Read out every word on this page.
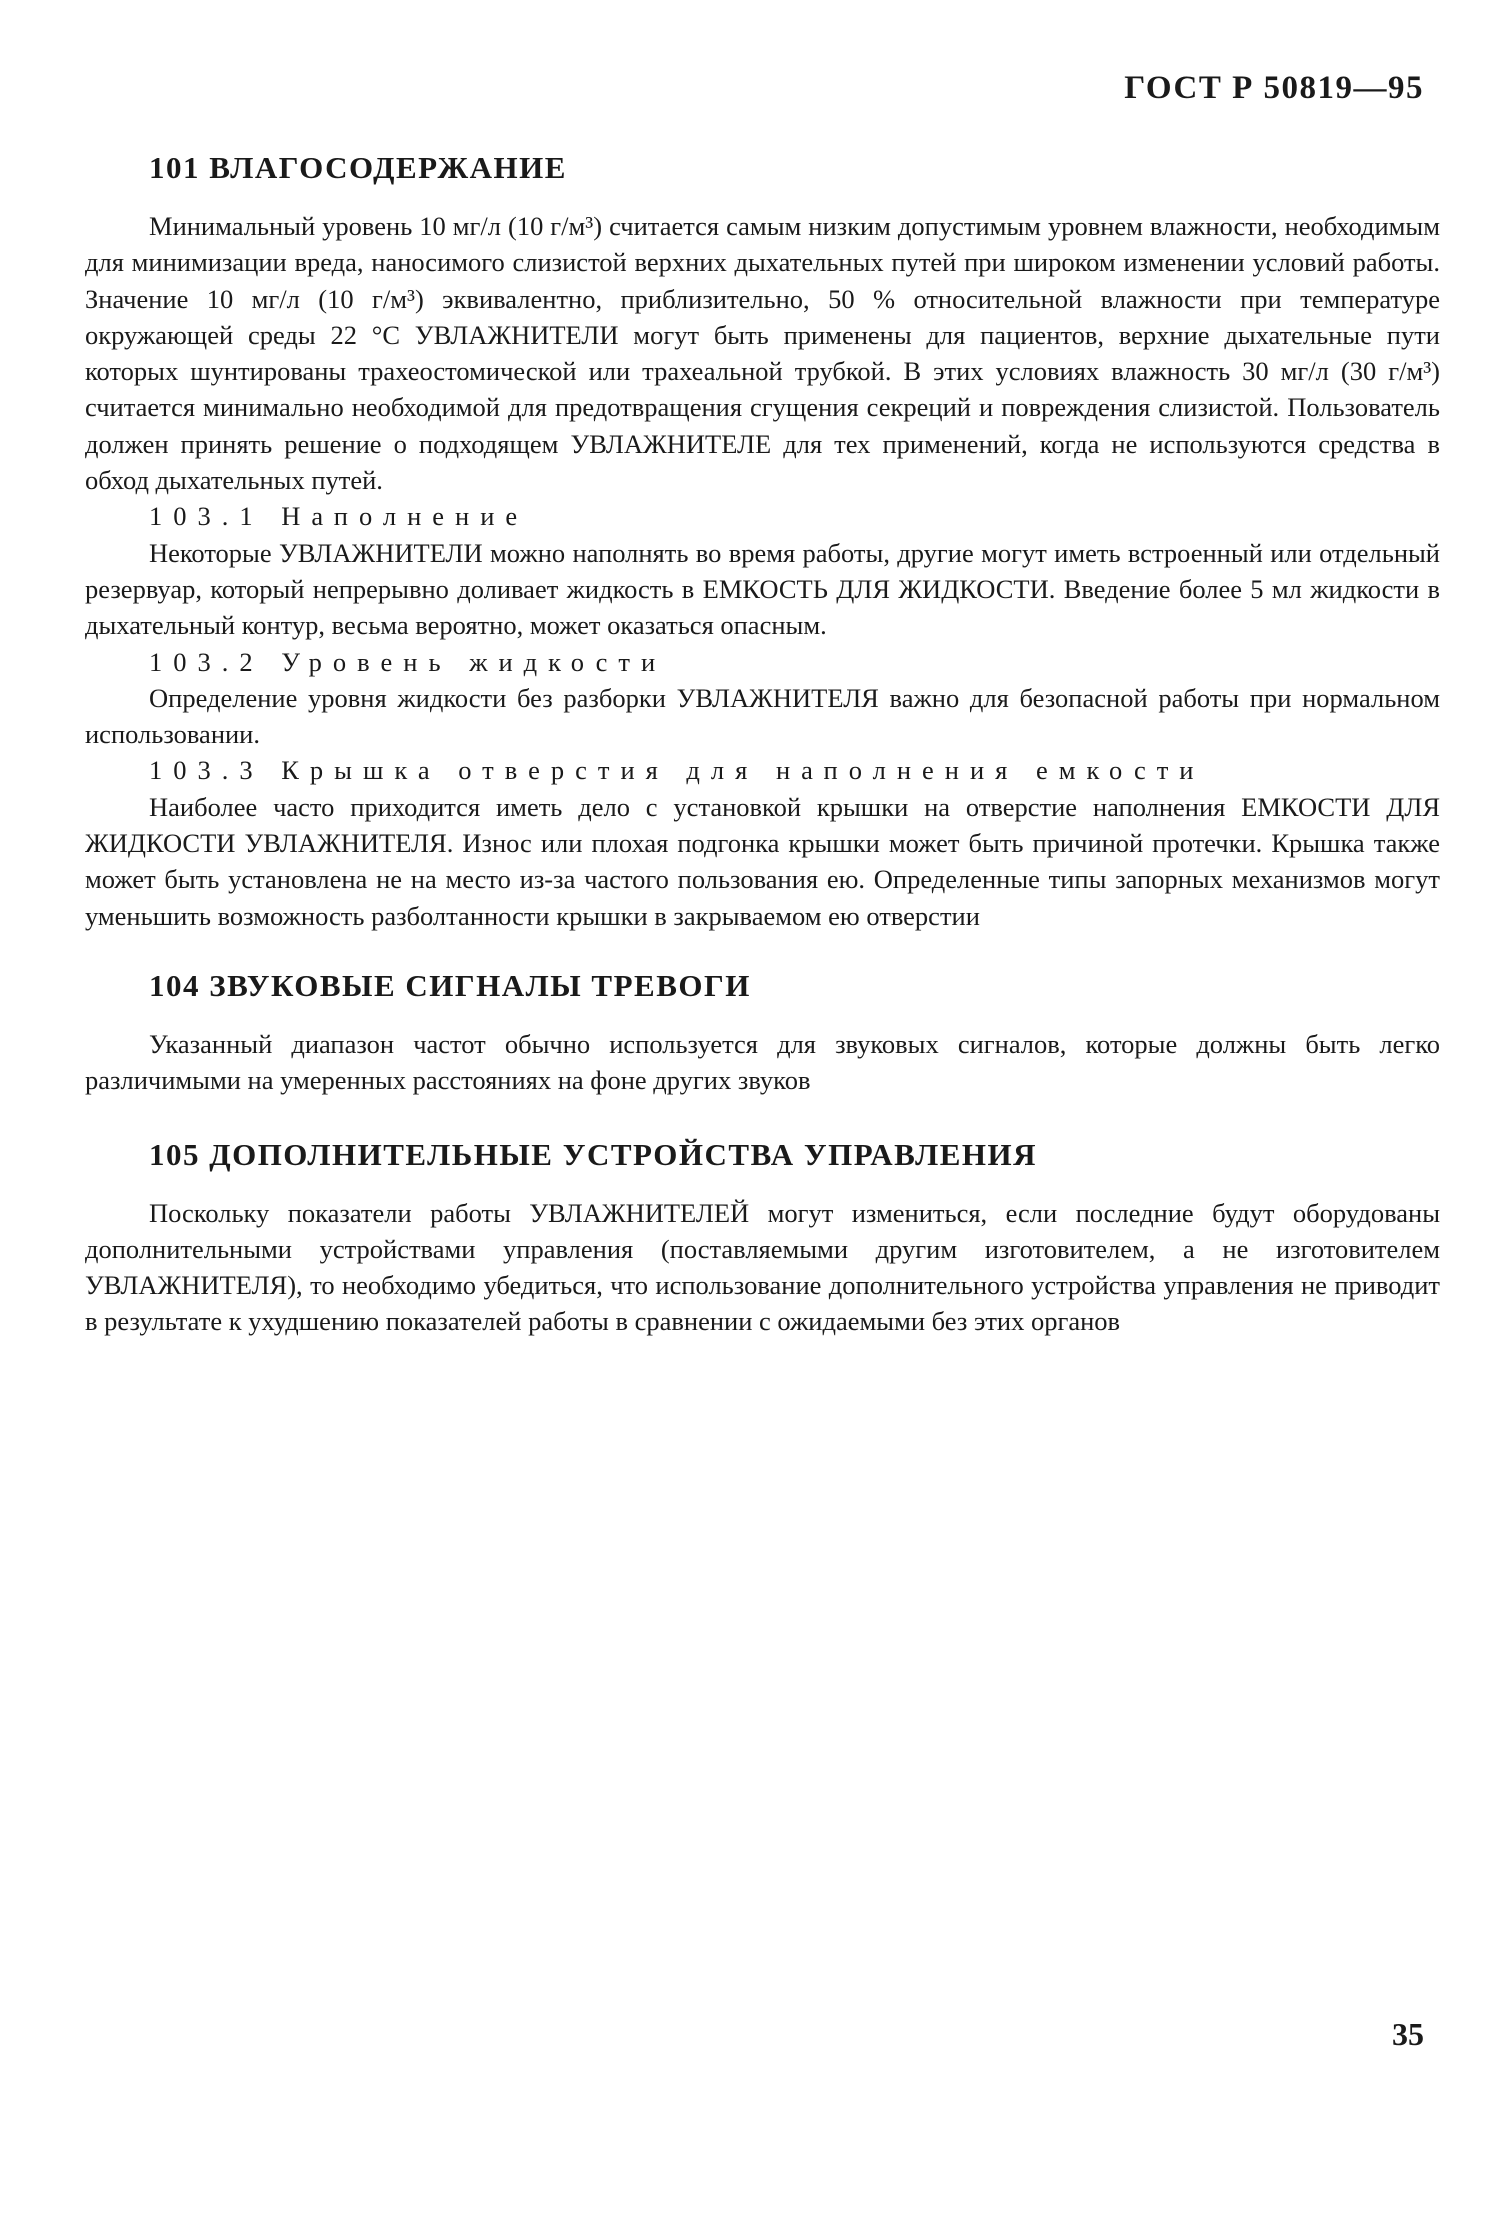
ГОСТ Р 50819—95
101 ВЛАГОСОДЕРЖАНИЕ

Минимальный уровень 10 мг/л (10 г/м³) считается самым низким допустимым уровнем влажности, необходимым для минимизации вреда, наносимого слизистой верхних дыхательных путей при широком изменении условий работы. Значение 10 мг/л (10 г/м³) эквивалентно, приблизительно, 50 % относительной влажности при температуре окружающей среды 22 °С УВЛАЖНИТЕЛИ могут быть применены для пациентов, верхние дыхательные пути которых шунтированы трахеостомической или трахеальной трубкой. В этих условиях влажность 30 мг/л (30 г/м³) считается минимально необходимой для предотвращения сгущения секреций и повреждения слизистой. Пользователь должен принять решение о подходящем УВЛАЖНИТЕЛЕ для тех применений, когда не используются средства в обход дыхательных путей.

103.1 Наполнение

Некоторые УВЛАЖНИТЕЛИ можно наполнять во время работы, другие могут иметь встроенный или отдельный резервуар, который непрерывно доливает жидкость в ЕМКОСТЬ ДЛЯ ЖИДКОСТИ. Введение более 5 мл жидкости в дыхательный контур, весьма вероятно, может оказаться опасным.

103.2 Уровень жидкости

Определение уровня жидкости без разборки УВЛАЖНИТЕЛЯ важно для безопасной работы при нормальном использовании.

103.3 Крышка отверстия для наполнения емкости

Наиболее часто приходится иметь дело с установкой крышки на отверстие наполнения ЕМКОСТИ ДЛЯ ЖИДКОСТИ УВЛАЖНИТЕЛЯ. Износ или плохая подгонка крышки может быть причиной протечки. Крышка также может быть установлена не на место из-за частого пользования ею. Определенные типы запорных механизмов могут уменьшить возможность разболтанности крышки в закрываемом ею отверстии

104 ЗВУКОВЫЕ СИГНАЛЫ ТРЕВОГИ

Указанный диапазон частот обычно используется для звуковых сигналов, которые должны быть легко различимыми на умеренных расстояниях на фоне других звуков

105 ДОПОЛНИТЕЛЬНЫЕ УСТРОЙСТВА УПРАВЛЕНИЯ

Поскольку показатели работы УВЛАЖНИТЕЛЕЙ могут измениться, если последние будут оборудованы дополнительными устройствами управления (поставляемыми другим изготовителем, а не изготовителем УВЛАЖНИТЕЛЯ), то необходимо убедиться, что использование дополнительного устройства управления не приводит в результате к ухудшению показателей работы в сравнении с ожидаемыми без этих органов

35
